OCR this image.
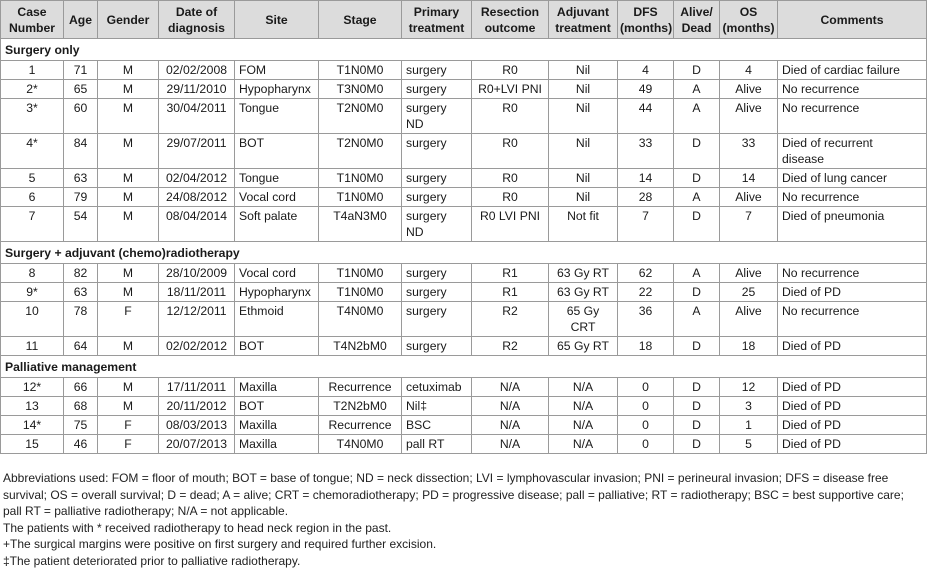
Case
Number	Age	Gender	Date of
diagnosis	Site	Stage	Primary
treatment	Resection
outcome	Adjuvant
treatment	DFS
(months)	Alive/
Dead	OS
(months)	Comments
Surgery only												
1	71	M	02/02/2008	FOM	T1N0M0	surgery	R0	Nil	4	D	4	Died of cardiac failure
2*	65	M	29/11/2010	Hypopharynx	T3N0M0	surgery	R0+LVI PNI	Nil	49	A	Alive	No recurrence
3*	60	M	30/04/2011	Tongue	T2N0M0	surgery
ND	R0	Nil	44	A	Alive	No recurrence
4*	84	M	29/07/2011	BOT	T2N0M0	surgery	R0	Nil	33	D	33	Died of recurrent
disease
5	63	M	02/04/2012	Tongue	T1N0M0	surgery	R0	Nil	14	D	14	Died of lung cancer
6	79	M	24/08/2012	Vocal cord	T1N0M0	surgery	R0	Nil	28	A	Alive	No recurrence
7	54	M	08/04/2014	Soft palate	T4aN3M0	surgery
ND	R0 LVI PNI	Not fit	7	D	7	Died of pneumonia
Surgery + adjuvant (chemo)radiotherapy												
8	82	M	28/10/2009	Vocal cord	T1N0M0	surgery	R1	63 Gy RT	62	A	Alive	No recurrence
9*	63	M	18/11/2011	Hypopharynx	T1N0M0	surgery	R1	63 Gy RT	22	D	25	Died of PD
10	78	F	12/12/2011	Ethmoid	T4N0M0	surgery	R2	65 Gy CRT	36	A	Alive	No recurrence
11	64	M	02/02/2012	BOT	T4N2bM0	surgery	R2	65 Gy RT	18	D	18	Died of PD
Palliative management												
12*	66	M	17/11/2011	Maxilla	Recurrence	cetuximab	N/A	N/A	0	D	12	Died of PD
13	68	M	20/11/2012	BOT	T2N2bM0	Nil‡	N/A	N/A	0	D	3	Died of PD
14*	75	F	08/03/2013	Maxilla	Recurrence	BSC	N/A	N/A	0	D	1	Died of PD
15	46	F	20/07/2013	Maxilla	T4N0M0	pall RT	N/A	N/A	0	D	5	Died of PD

Abbreviations used: FOM = floor of mouth; BOT = base of tongue; ND = neck dissection; LVI = lymphovascular invasion; PNI = perineural invasion; DFS = disease free survival; OS = overall survival; D = dead; A = alive; CRT = chemoradiotherapy; PD = progressive disease; pall = palliative; RT = radiotherapy; BSC = best supportive care; pall RT = palliative radiotherapy; N/A = not applicable.

The patients with * received radiotherapy to head neck region in the past.

+The surgical margins were positive on first surgery and required further excision.

‡The patient deteriorated prior to palliative radiotherapy.
